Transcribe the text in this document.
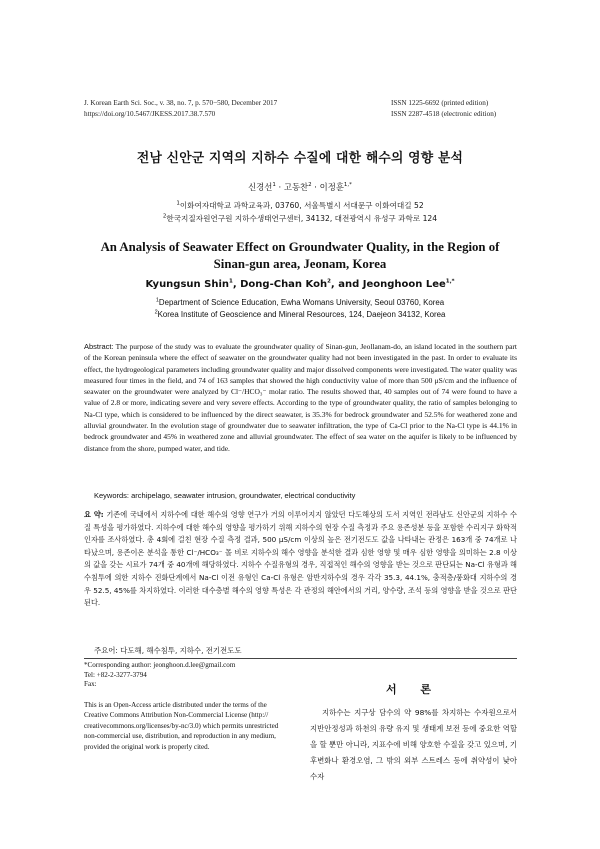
J. Korean Earth Sci. Soc., v. 38, no. 7, p. 570−580, December 2017
https://doi.org/10.5467/JKESS.2017.38.7.570
ISSN 1225-6692 (printed edition)
ISSN 2287-4518 (electronic edition)
전남 신안군 지역의 지하수 수질에 대한 해수의 영향 분석
신경선$^1$ · 고동찬$^2$ · 이정훈$^{1,*}$
$^1$이화여자대학교 과학교육과, 03760, 서울특별시 서대문구 이화여대길 52
$^2$한국지질자원연구원 지하수생태연구센터, 34132, 대전광역시 유성구 과학로 124
An Analysis of Seawater Effect on Groundwater Quality, in the Region of
Sinan-gun area, Jeonam, Korea
Kyungsun Shin$^1$, Dong-Chan Koh$^2$, and Jeonghoon Lee$^{1,*}$
$^1$Department of Science Education, Ewha Womans University, Seoul 03760, Korea
$^2$Korea Institute of Geoscience and Mineral Resources, 124, Daejeon 34132, Korea
Abstract: The purpose of the study was to evaluate the groundwater quality of Sinan-gun, Jeollanam-do, an island located in the southern part of the Korean peninsula where the effect of seawater on the groundwater quality had not been investigated in the past. In order to evaluate its effect, the hydrogeological parameters including groundwater quality and major dissolved components were investigated. The water quality was measured four times in the field, and 74 of 163 samples that showed the high conductivity value of more than 500 μS/cm and the influence of seawater on the groundwater were analyzed by Cl⁻/HCO₃⁻ molar ratio. The results showed that, 40 samples out of 74 were found to have a value of 2.8 or more, indicating severe and very severe effects. According to the type of groundwater quality, the ratio of samples belonging to Na-Cl type, which is considered to be influenced by the direct seawater, is 35.3% for bedrock groundwater and 52.5% for weathered zone and alluvial groundwater. In the evolution stage of groundwater due to seawater infiltration, the type of Ca-Cl prior to the Na-Cl type is 44.1% in bedrock groundwater and 45% in weathered zone and alluvial groundwater. The effect of sea water on the aquifer is likely to be influenced by distance from the shore, pumped water, and tide.
Keywords: archipelago, seawater intrusion, groundwater, electrical conductivity
요 약: 기존에 국내에서 지하수에 대한 해수의 영향 연구가 거의 이루어지지 않았던 다도해상의 도서 지역인 전라남도 신안군의 지하수 수질 특성을 평가하였다. 지하수에 대한 해수의 영향을 평가하기 위해 지하수의 현장 수질 측정과 주요 용존성분 등을 포함한 수리지구 화학적 인자를 조사하였다. 총 4회에 걸친 현장 수질 측정 결과, 500 μS/cm 이상의 높은 전기전도도 값을 나타내는 관정은 163개 중 74개로 나타났으며, 용존이온 분석을 통한 Cl⁻/HCO₃⁻ 몰 비로 지하수의 해수 영향을 분석한 결과 심한 영향 및 매우 심한 영향을 의미하는 2.8 이상의 값을 갖는 시료가 74개 중 40개에 해당하였다. 지하수 수질유형의 경우, 직접적인 해수의 영향을 받는 것으로 판단되는 Na-Cl 유형과 해수침투에 의한 지하수 진화단계에서 Na-Cl 이전 유형인 Ca-Cl 유형은 암반지하수의 경우 각각 35.3, 44.1%, 충적층/풍화대 지하수의 경우 52.5, 45%를 차지하였다. 이러한 대수층별 해수의 영향 특성은 각 관정의 해안에서의 거리, 양수량, 조석 등의 영향을 받을 것으로 판단된다.
주요어: 다도해, 해수침투, 지하수, 전기전도도
*Corresponding author: jeonghoon.d.lee@gmail.com
Tel: +82-2-3277-3794
Fax:
This is an Open-Access article distributed under the terms of the
Creative Commons Attribution Non-Commercial License (http://
creativecommons.org/licenses/by-nc/3.0) which permits unrestricted
non-commercial use, distribution, and reproduction in any medium,
provided the original work is properly cited.
서 론
지하수는 지구상 담수의 약 98%를 차지하는 수자원으로서 지반안정성과 하천의 유량 유지 및 생태계 보전 등에 중요한 역할을 할 뿐만 아니라, 지표수에 비해 양호한 수질을 갖고 있으며, 기후변화나 환경오염, 그 밖의 외부 스트레스 등에 취약성이 낮아 수자
